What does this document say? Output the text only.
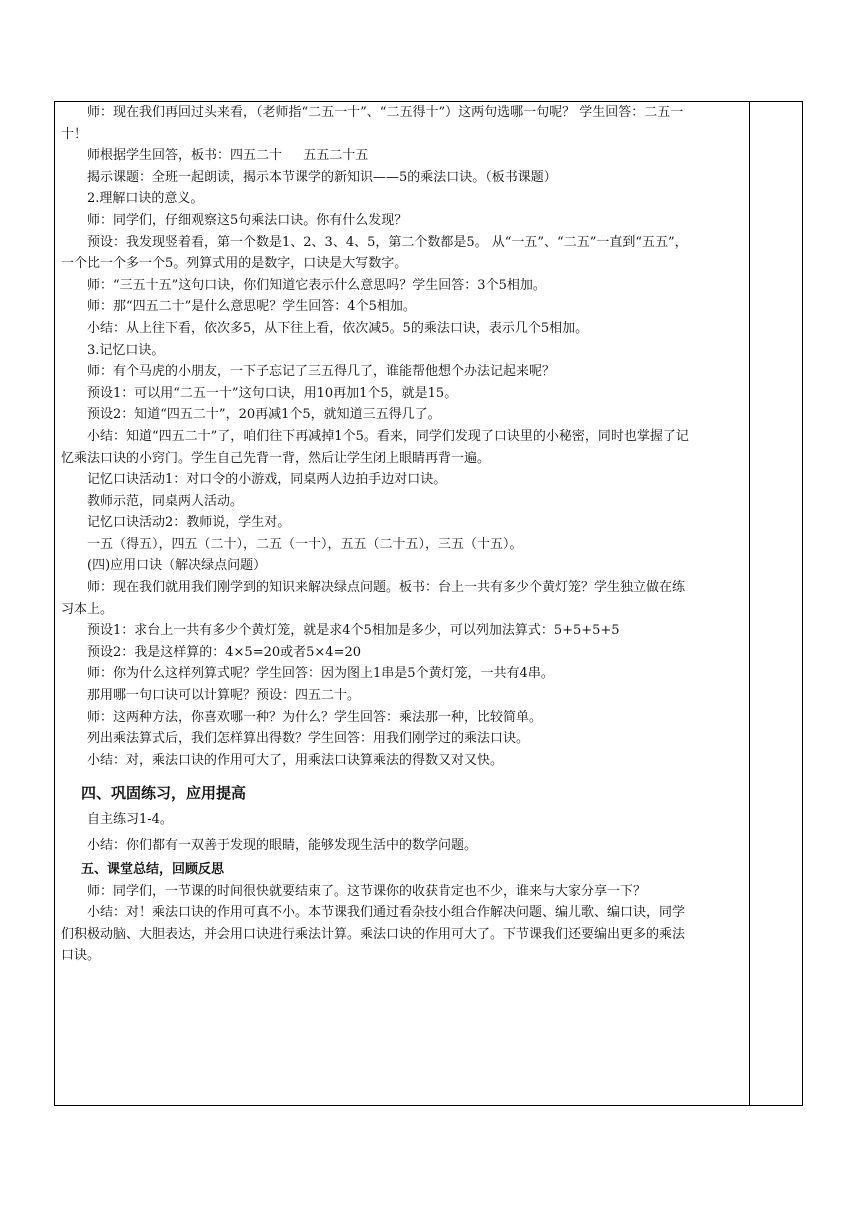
师：现在我们再回过头来看，（老师指“二五一十”、“二五得十”）这两句选哪一句呢？ 学生回答：二五一十！

师根据学生回答，板书：四五二十 　 五五二十五

揭示课题：全班一起朗读，揭示本节课学的新知识——5的乘法口诀。（板书课题）

2.理解口诀的意义。

师：同学们，仔细观察这5句乘法口诀。你有什么发现？

预设：我发现竖着看，第一个数是1、2、3、4、5，第二个数都是5。 从“一五”、“二五”一直到“五五”，一个比一个多一个5。列算式用的是数字，口诀是大写数字。

师：“三五十五”这句口诀，你们知道它表示什么意思吗？学生回答：3个5相加。

师：那“四五二十”是什么意思呢？学生回答：4个5相加。

小结：从上往下看，依次多5，从下往上看，依次减5。5的乘法口诀，表示几个5相加。

3.记忆口诀。

师：有个马虎的小朋友，一下子忘记了三五得几了，谁能帮他想个办法记起来呢？

预设1：可以用“二五一十”这句口诀，用10再加1个5，就是15。

预设2：知道“四五二十”，20再减1个5，就知道三五得几了。

小结：知道“四五二十”了，咱们往下再减掉1个5。看来，同学们发现了口诀里的小秘密，同时也掌握了记忆乘法口诀的小窍门。学生自己先背一背，然后让学生闭上眼睛再背一遍。

记忆口诀活动1：对口令的小游戏，同桌两人边拍手边对口诀。

教师示范，同桌两人活动。

记忆口诀活动2：教师说，学生对。

一五（得五），四五（二十），二五（一十），五五（二十五），三五（十五）。

(四)应用口诀（解决绿点问题）

师：现在我们就用我们刚学到的知识来解决绿点问题。板书：台上一共有多少个黄灯笼？学生独立做在练习本上。

预设1：求台上一共有多少个黄灯笼，就是求4个5相加是多少，可以列加法算式：5+5+5+5

预设2：我是这样算的：4×5=20或者5×4=20

师：你为什么这样列算式呢？学生回答：因为图上1串是5个黄灯笼，一共有4串。

那用哪一句口诀可以计算呢？预设：四五二十。

师：这两种方法，你喜欢哪一种？为什么？学生回答：乘法那一种，比较简单。

列出乘法算式后，我们怎样算出得数？学生回答：用我们刚学过的乘法口诀。

小结：对，乘法口诀的作用可大了，用乘法口诀算乘法的得数又对又快。

四、巩固练习，应用提高

自主练习1-4。

小结：你们都有一双善于发现的眼睛，能够发现生活中的数学问题。

五、课堂总结，回顾反思

师：同学们，一节课的时间很快就要结束了。这节课你的收获肯定也不少，谁来与大家分享一下？

小结：对！乘法口诀的作用可真不小。本节课我们通过看杂技小组合作解决问题、编儿歌、编口诀，同学们积极动脑、大胆表达，并会用口诀进行乘法计算。乘法口诀的作用可大了。下节课我们还要编出更多的乘法口诀。
